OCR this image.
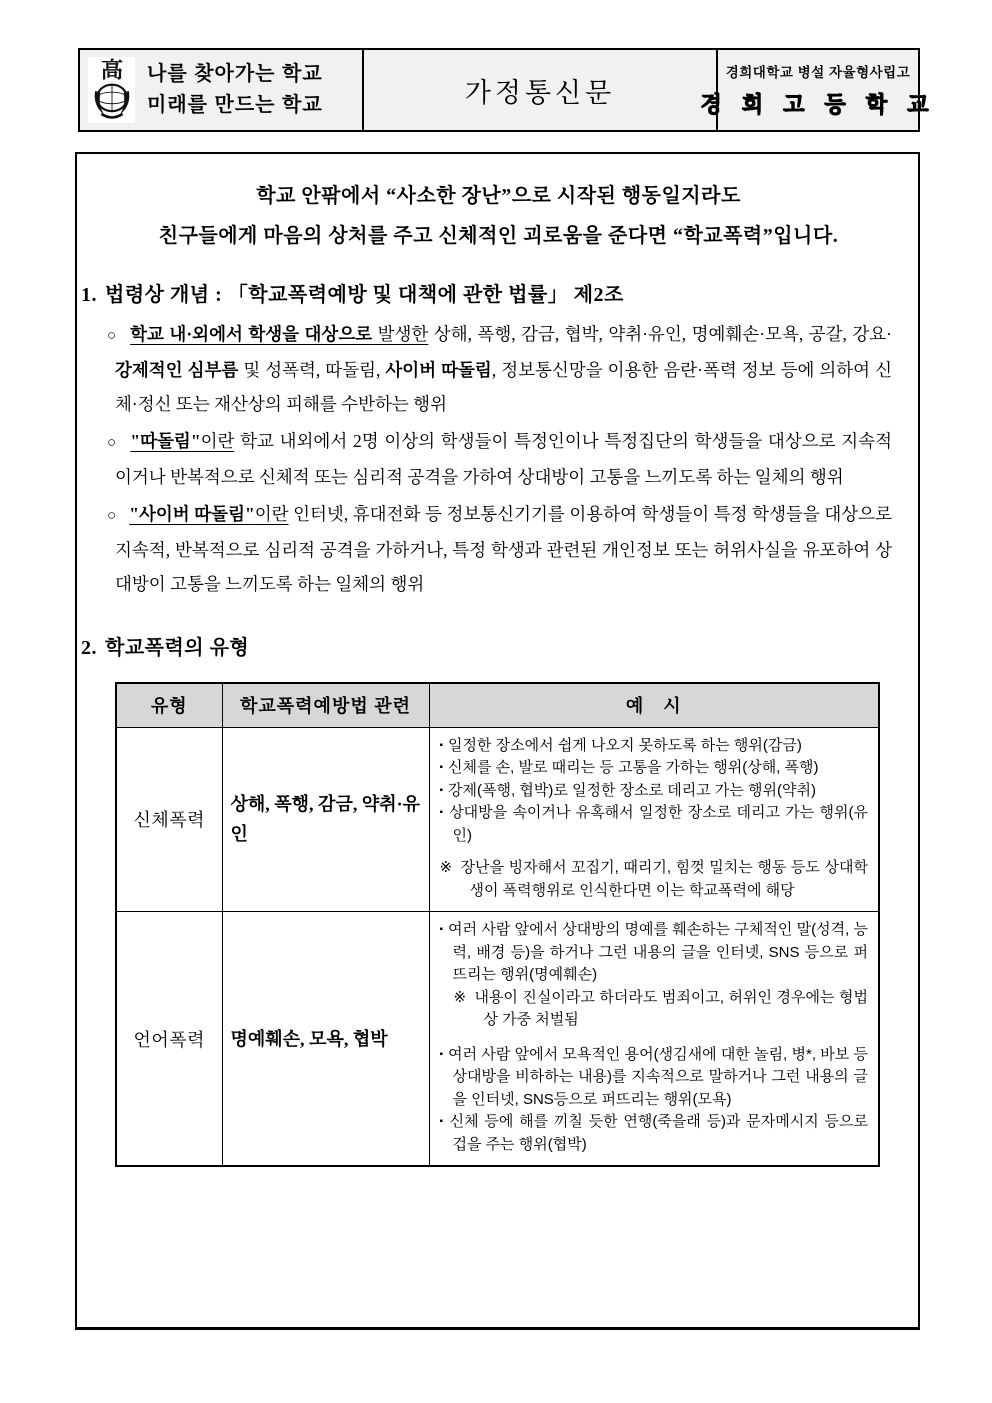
高 나를 찾아가는 학교
미래를 만드는 학교	가정통신문
경희대학교 병설 자율형사립고
경 희 고 등 학 교
학교 안팎에서 “사소한 장난”으로 시작된 행동일지라도
친구들에게 마음의 상처를 주고 신체적인 괴로움을 준다면 “학교폭력”입니다.
1. 법령상 개념 : 「학교폭력예방 및 대책에 관한 법률」 제2조
○ 학교 내·외에서 학생을 대상으로 발생한 상해, 폭행, 감금, 협박, 약취·유인, 명예훼손·모욕, 공갈, 강요·강제적인 심부름 및 성폭력, 따돌림, 사이버 따돌림, 정보통신망을 이용한 음란·폭력 정보 등에 의하여 신체·정신 또는 재산상의 피해를 수반하는 행위
○ "따돌림"이란 학교 내외에서 2명 이상의 학생들이 특정인이나 특정집단의 학생들을 대상으로 지속적이거나 반복적으로 신체적 또는 심리적 공격을 가하여 상대방이 고통을 느끼도록 하는 일체의 행위
○ "사이버 따돌림"이란 인터넷, 휴대전화 등 정보통신기기를 이용하여 학생들이 특정 학생들을 대상으로 지속적, 반복적으로 심리적 공격을 가하거나, 특정 학생과 관련된 개인정보 또는 허위사실을 유포하여 상대방이 고통을 느끼도록 하는 일체의 행위
2. 학교폭력의 유형
유형	학교폭력예방법 관련	예　시
신체폭력	상해, 폭행, 감금, 약취·유인	▪ 일정한 장소에서 쉽게 나오지 못하도록 하는 행위(감금)
▪ 신체를 손, 발로 때리는 등 고통을 가하는 행위(상해, 폭행)
▪ 강제(폭행, 협박)로 일정한 장소로 데리고 가는 행위(약취)
▪ 상대방을 속이거나 유혹해서 일정한 장소로 데리고 가는 행위(유인)
※ 장난을 빙자해서 꼬집기, 때리기, 힘껏 밀치는 행동 등도 상대학생이 폭력행위로 인식한다면 이는 학교폭력에 해당

언어폭력	명예훼손, 모욕, 협박	▪ 여러 사람 앞에서 상대방의 명예를 훼손하는 구체적인 말(성격, 능력, 배경 등)을 하거나 그런 내용의 글을 인터넷, SNS 등으로 퍼뜨리는 행위(명예훼손)
※ 내용이 진실이라고 하더라도 범죄이고, 허위인 경우에는 형법상 가중 처벌됨
▪ 여러 사람 앞에서 모욕적인 용어(생김새에 대한 놀림, 병*, 바보 등 상대방을 비하하는 내용)를 지속적으로 말하거나 그런 내용의 글을 인터넷, SNS등으로 퍼뜨리는 행위(모욕)
▪ 신체 등에 해를 끼칠 듯한 연행(죽을래 등)과 문자메시지 등으로 겁을 주는 행위(협박)
